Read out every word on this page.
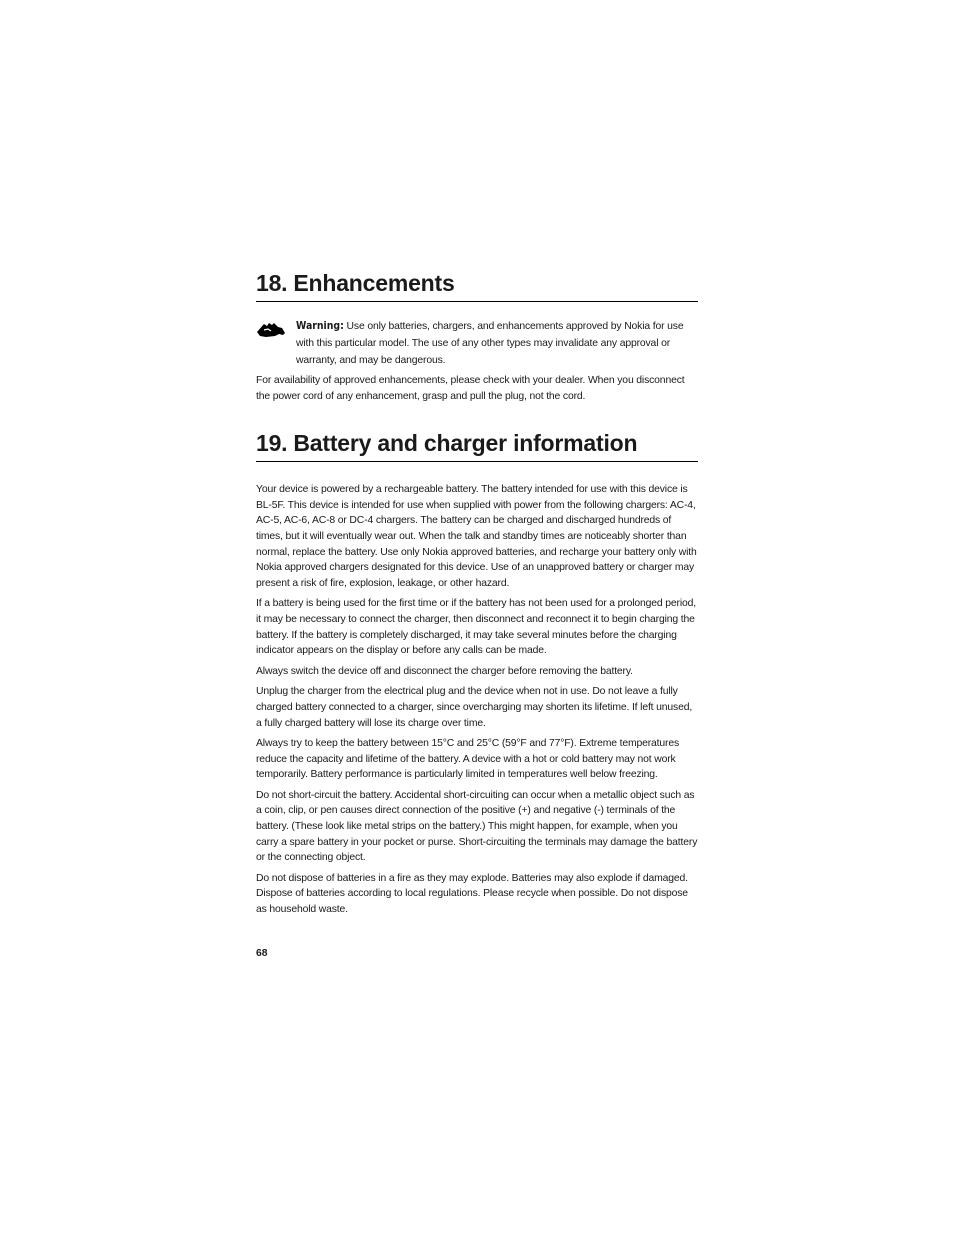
18. Enhancements
Warning: Use only batteries, chargers, and enhancements approved by Nokia for use with this particular model. The use of any other types may invalidate any approval or warranty, and may be dangerous.

For availability of approved enhancements, please check with your dealer. When you disconnect the power cord of any enhancement, grasp and pull the plug, not the cord.

19. Battery and charger information

Your device is powered by a rechargeable battery. The battery intended for use with this device is BL-5F. This device is intended for use when supplied with power from the following chargers: AC-4, AC-5, AC-6, AC-8 or DC-4 chargers. The battery can be charged and discharged hundreds of times, but it will eventually wear out. When the talk and standby times are noticeably shorter than normal, replace the battery. Use only Nokia approved batteries, and recharge your battery only with Nokia approved chargers designated for this device. Use of an unapproved battery or charger may present a risk of fire, explosion, leakage, or other hazard.

If a battery is being used for the first time or if the battery has not been used for a prolonged period, it may be necessary to connect the charger, then disconnect and reconnect it to begin charging the battery. If the battery is completely discharged, it may take several minutes before the charging indicator appears on the display or before any calls can be made.

Always switch the device off and disconnect the charger before removing the battery.

Unplug the charger from the electrical plug and the device when not in use. Do not leave a fully charged battery connected to a charger, since overcharging may shorten its lifetime. If left unused, a fully charged battery will lose its charge over time.

Always try to keep the battery between 15°C and 25°C (59°F and 77°F). Extreme temperatures reduce the capacity and lifetime of the battery. A device with a hot or cold battery may not work temporarily. Battery performance is particularly limited in temperatures well below freezing.

Do not short-circuit the battery. Accidental short-circuiting can occur when a metallic object such as a coin, clip, or pen causes direct connection of the positive (+) and negative (-) terminals of the battery. (These look like metal strips on the battery.) This might happen, for example, when you carry a spare battery in your pocket or purse. Short-circuiting the terminals may damage the battery or the connecting object.

Do not dispose of batteries in a fire as they may explode. Batteries may also explode if damaged. Dispose of batteries according to local regulations. Please recycle when possible. Do not dispose as household waste.

68
